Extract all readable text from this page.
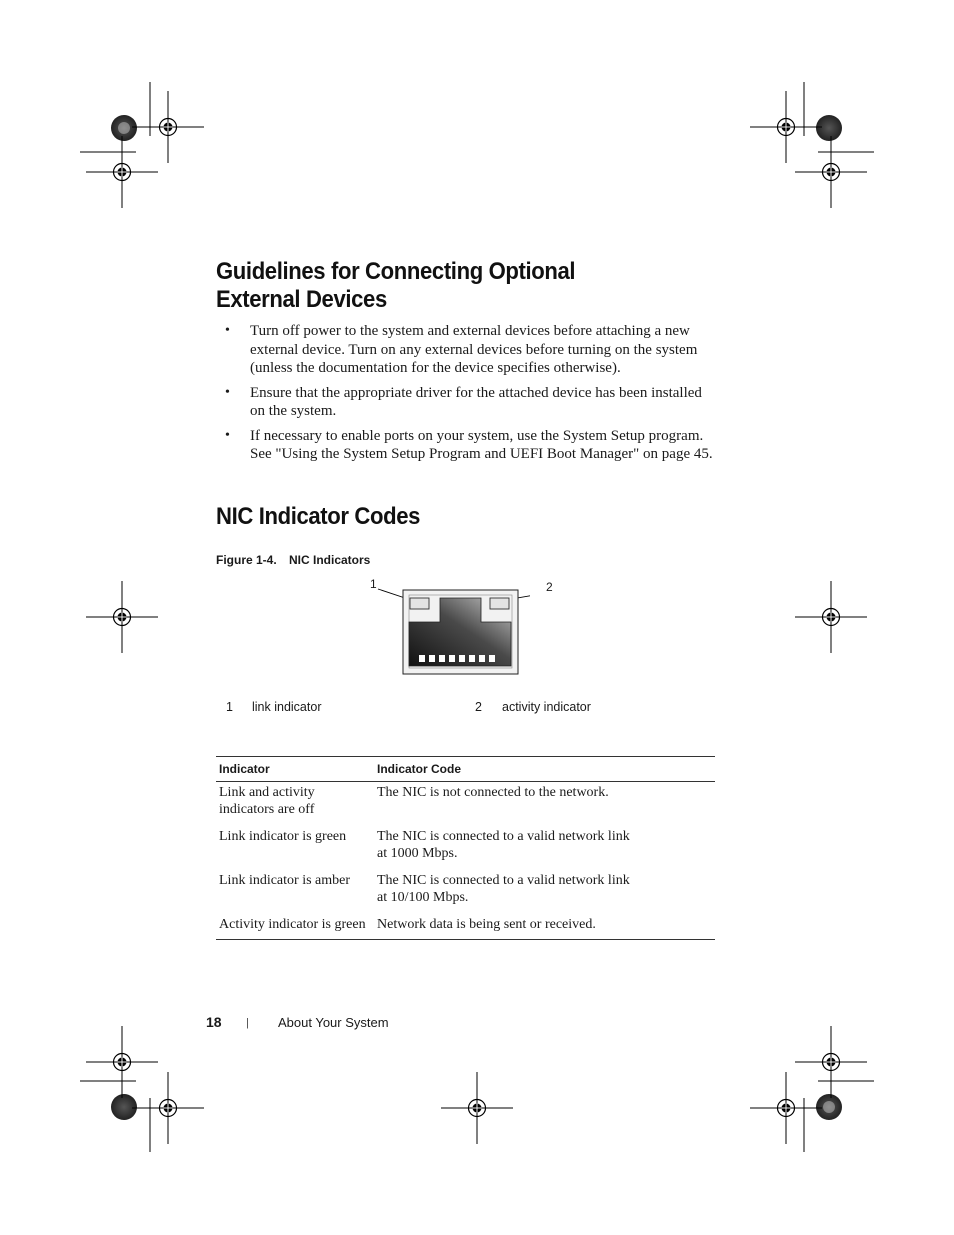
Guidelines for Connecting Optional
External Devices
• Turn off power to the system and external devices before attaching a new external device. Turn on any external devices before turning on the system (unless the documentation for the device specifies otherwise).
• Ensure that the appropriate driver for the attached device has been installed on the system.
• If necessary to enable ports on your system, use the System Setup program. See "Using the System Setup Program and UEFI Boot Manager" on page 45.
NIC Indicator Codes
Figure 1-4. NIC Indicators
1	2
1 link indicator	2 activity indicator
Indicator	Indicator Code
Link and activity
indicators are off	The NIC is not connected to the network.
Link indicator is green	The NIC is connected to a valid network link
at 1000 Mbps.
Link indicator is amber	The NIC is connected to a valid network link
at 10/100 Mbps.
Activity indicator is green	Network data is being sent or received.
18 | About Your System
